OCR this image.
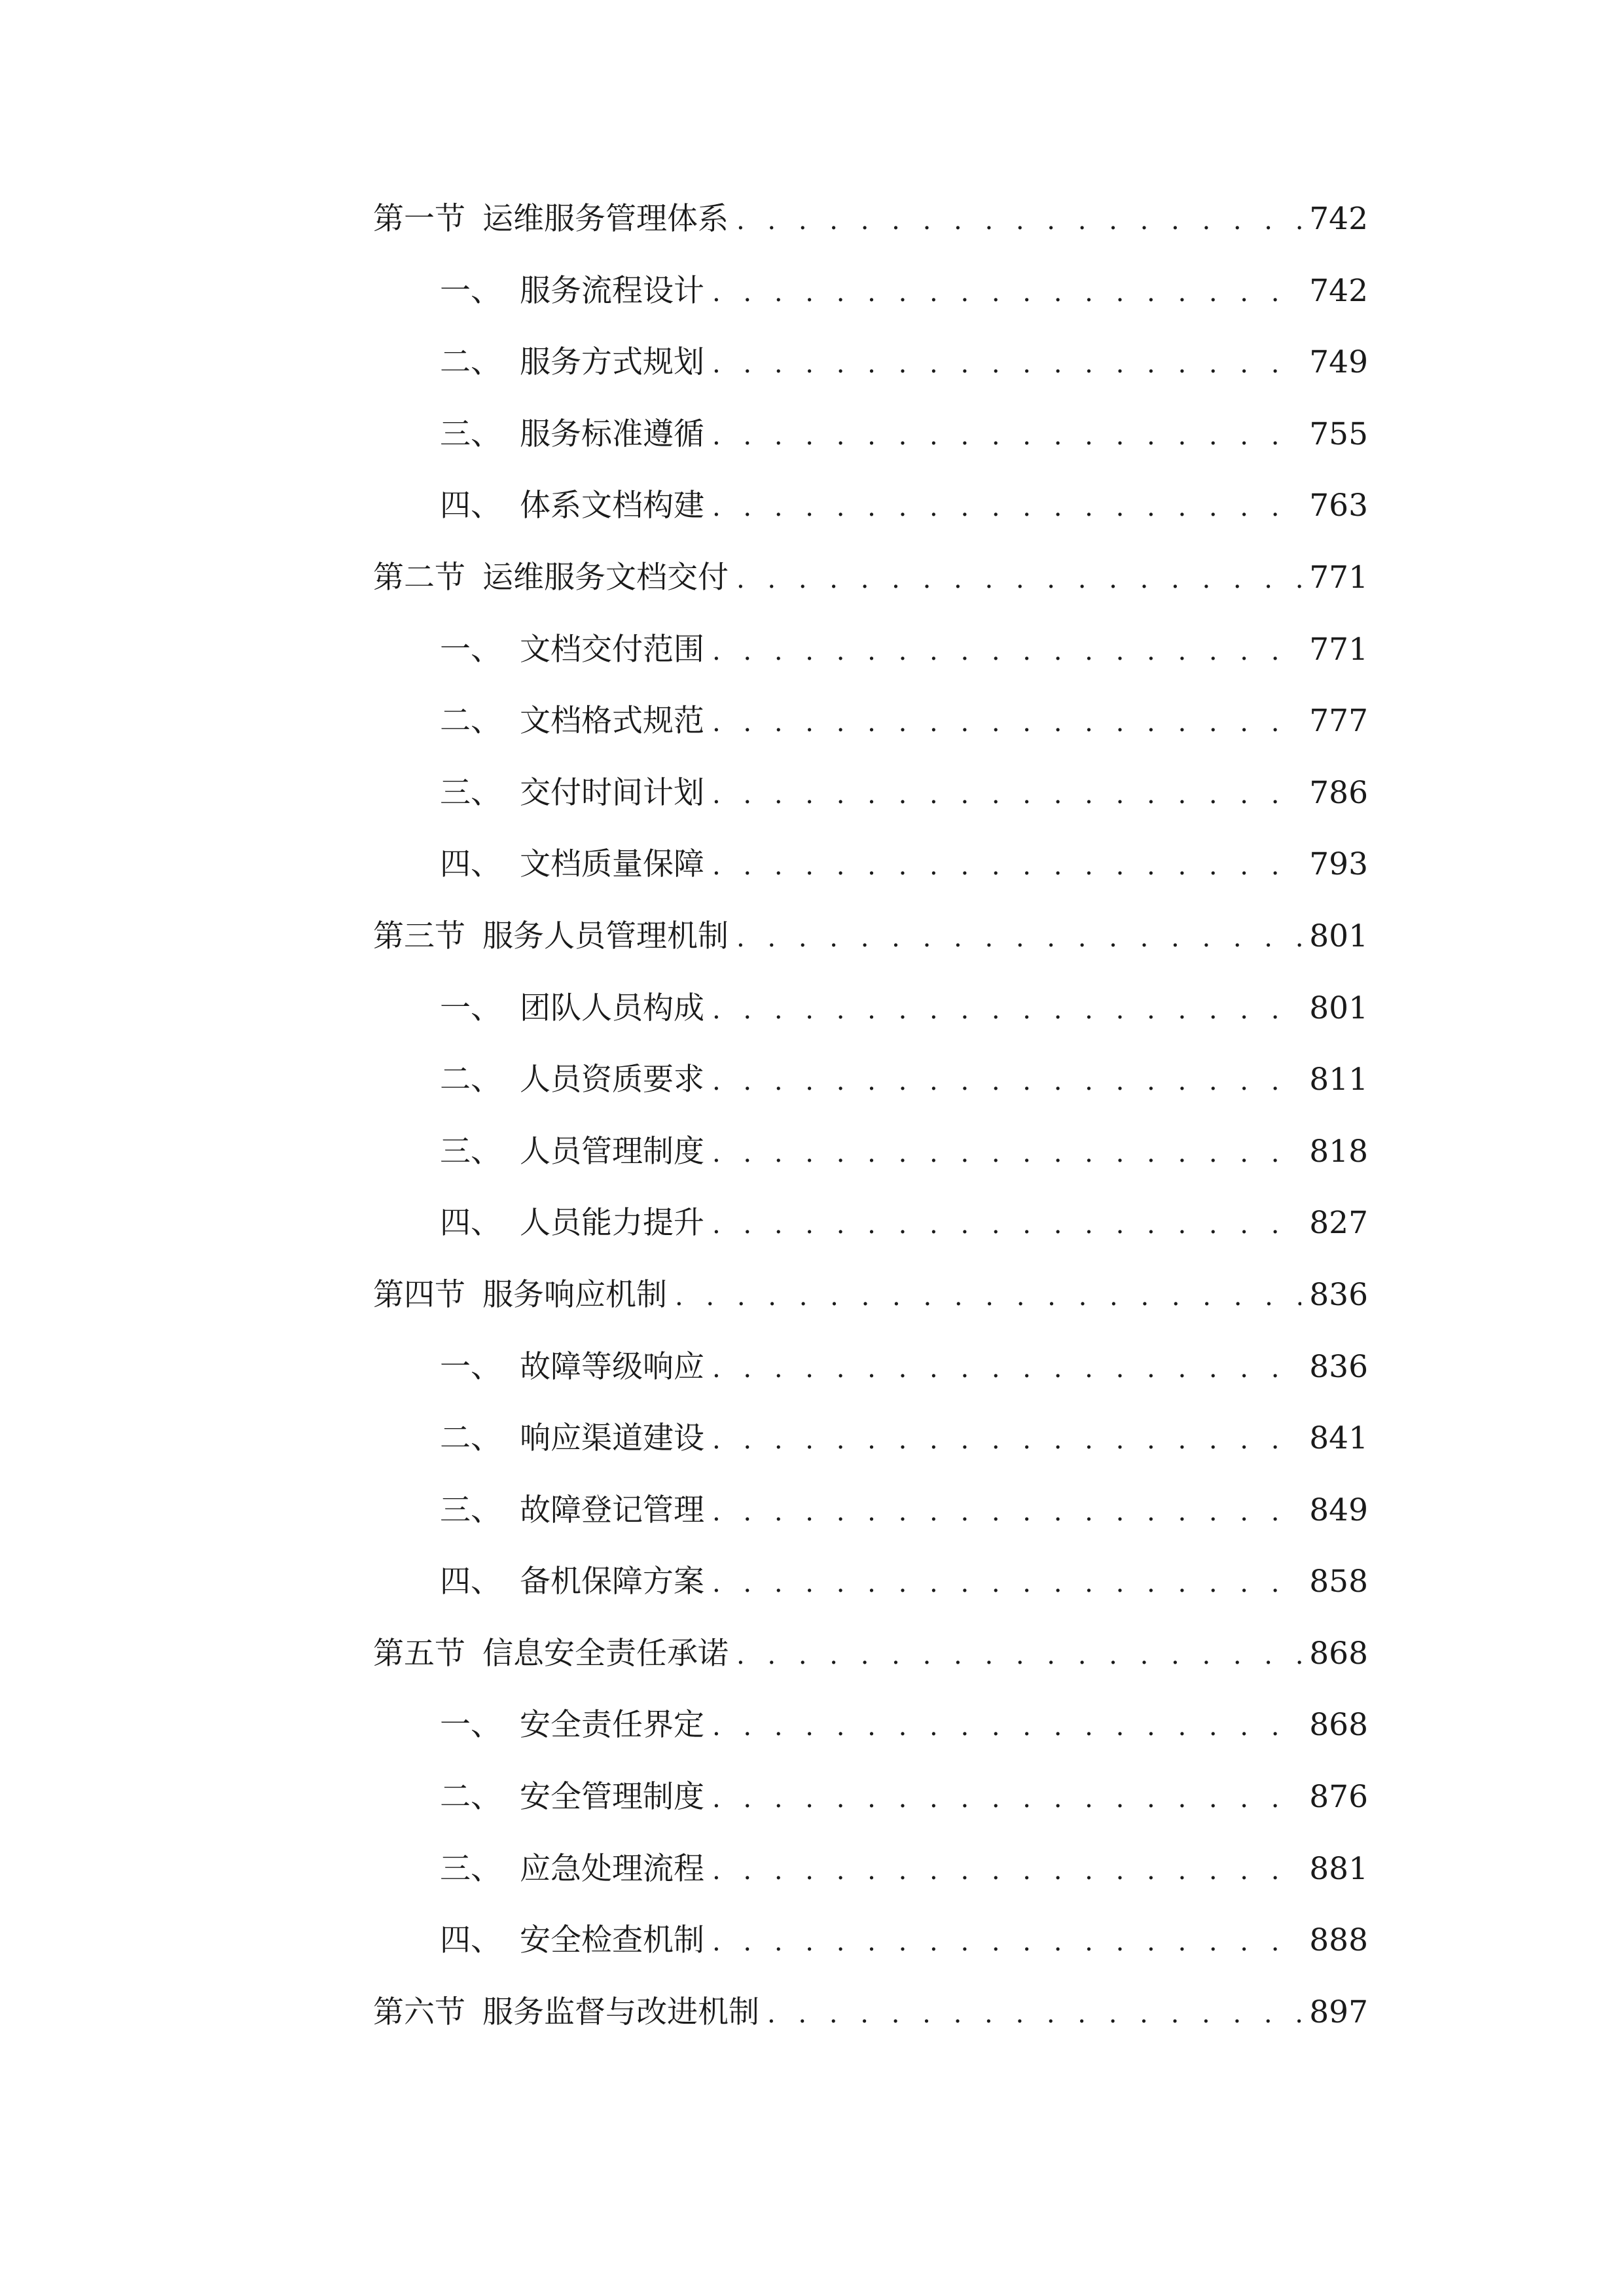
第一节 运维服务管理体系 . . .	742
一、 服务流程设计 . . .	742
二、 服务方式规划 . . .	749
三、 服务标准遵循 . . .	755
四、 体系文档构建 . . .	763
第二节 运维服务文档交付 . . .	771
一、 文档交付范围 . . .	771
二、 文档格式规范 . . .	777
三、 交付时间计划 . . .	786
四、 文档质量保障 . . .	793
第三节 服务人员管理机制 . . .	801
一、 团队人员构成 . . .	801
二、 人员资质要求 . . .	811
三、 人员管理制度 . . .	818
四、 人员能力提升 . . .	827
第四节 服务响应机制 . . .	836
一、 故障等级响应 . . .	836
二、 响应渠道建设 . . .	841
三、 故障登记管理 . . .	849
四、 备机保障方案 . . .	858
第五节 信息安全责任承诺 . . .	868
一、 安全责任界定 . . .	868
二、 安全管理制度 . . .	876
三、 应急处理流程 . . .	881
四、 安全检查机制 . . .	888
第六节 服务监督与改进机制 . . .	897
